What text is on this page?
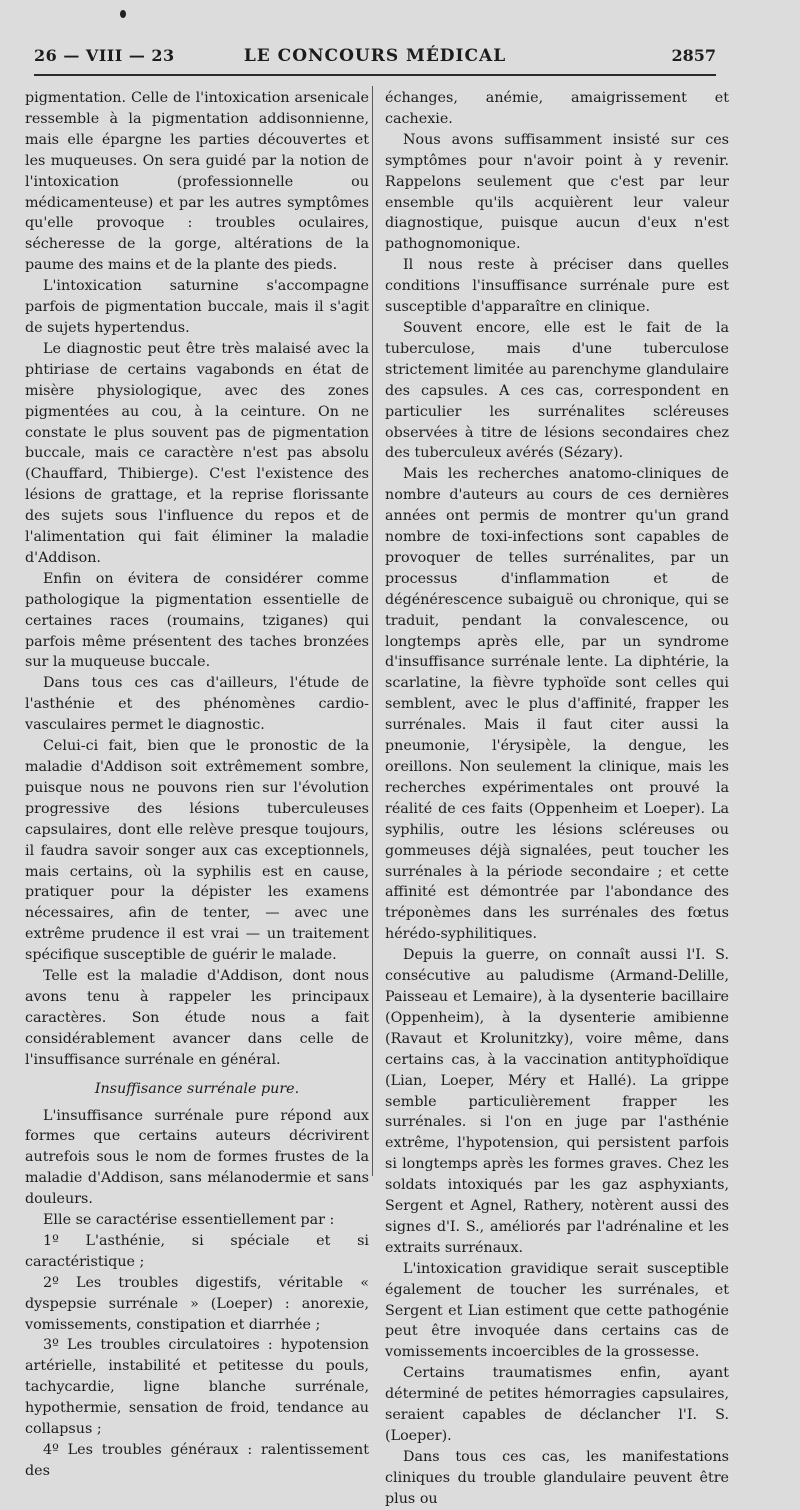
26 — VIII — 23	LE CONCOURS MÉDICAL	2857

pigmentation. Celle de l'intoxication arsenicale ressemble à la pigmentation addisonnienne, mais elle épargne les parties découvertes et les muqueuses. On sera guidé par la notion de l'intoxication (professionnelle ou médicamenteuse) et par les autres symptômes qu'elle provoque : troubles oculaires, sécheresse de la gorge, altérations de la paume des mains et de la plante des pieds.

L'intoxication saturnine s'accompagne parfois de pigmentation buccale, mais il s'agit de sujets hypertendus.

Le diagnostic peut être très malaisé avec la phtiriase de certains vagabonds en état de misère physiologique, avec des zones pigmentées au cou, à la ceinture. On ne constate le plus souvent pas de pigmentation buccale, mais ce caractère n'est pas absolu (Chauffard, Thibierge). C'est l'existence des lésions de grattage, et la reprise florissante des sujets sous l'influence du repos et de l'alimentation qui fait éliminer la maladie d'Addison.

Enfin on évitera de considérer comme pathologique la pigmentation essentielle de certaines races (roumains, tziganes) qui parfois même présentent des taches bronzées sur la muqueuse buccale.

Dans tous ces cas d'ailleurs, l'étude de l'asthénie et des phénomènes cardio-vasculaires permet le diagnostic.

Celui-ci fait, bien que le pronostic de la maladie d'Addison soit extrêmement sombre, puisque nous ne pouvons rien sur l'évolution progressive des lésions tuberculeuses capsulaires, dont elle relève presque toujours, il faudra savoir songer aux cas exceptionnels, mais certains, où la syphilis est en cause, pratiquer pour la dépister les examens nécessaires, afin de tenter, — avec une extrême prudence il est vrai — un traitement spécifique susceptible de guérir le malade.

Telle est la maladie d'Addison, dont nous avons tenu à rappeler les principaux caractères. Son étude nous a fait considérablement avancer dans celle de l'insuffisance surrénale en général.

Insuffisance surrénale pure.

L'insuffisance surrénale pure répond aux formes que certains auteurs décrivirent autrefois sous le nom de formes frustes de la maladie d'Addison, sans mélanodermie et sans douleurs.

Elle se caractérise essentiellement par :

1º L'asthénie, si spéciale et si caractéristique ;

2º Les troubles digestifs, véritable « dyspepsie surrénale » (Loeper) : anorexie, vomissements, constipation et diarrhée ;

3º Les troubles circulatoires : hypotension artérielle, instabilité et petitesse du pouls, tachycardie, ligne blanche surrénale, hypothermie, sensation de froid, tendance au collapsus ;

4º Les troubles généraux : ralentissement des

échanges, anémie, amaigrissement et cachexie.

Nous avons suffisamment insisté sur ces symptômes pour n'avoir point à y revenir. Rappelons seulement que c'est par leur ensemble qu'ils acquièrent leur valeur diagnostique, puisque aucun d'eux n'est pathognomonique.

Il nous reste à préciser dans quelles conditions l'insuffisance surrénale pure est susceptible d'apparaître en clinique.

Souvent encore, elle est le fait de la tuberculose, mais d'une tuberculose strictement limitée au parenchyme glandulaire des capsules. A ces cas, correspondent en particulier les surrénalites scléreuses observées à titre de lésions secondaires chez des tuberculeux avérés (Sézary).

Mais les recherches anatomo-cliniques de nombre d'auteurs au cours de ces dernières années ont permis de montrer qu'un grand nombre de toxi-infections sont capables de provoquer de telles surrénalites, par un processus d'inflammation et de dégénérescence subaiguë ou chronique, qui se traduit, pendant la convalescence, ou longtemps après elle, par un syndrome d'insuffisance surrénale lente. La diphtérie, la scarlatine, la fièvre typhoïde sont celles qui semblent, avec le plus d'affinité, frapper les surrénales. Mais il faut citer aussi la pneumonie, l'érysipèle, la dengue, les oreillons. Non seulement la clinique, mais les recherches expérimentales ont prouvé la réalité de ces faits (Oppenheim et Loeper). La syphilis, outre les lésions scléreuses ou gommeuses déjà signalées, peut toucher les surrénales à la période secondaire ; et cette affinité est démontrée par l'abondance des tréponèmes dans les surrénales des fœtus hérédo-syphilitiques.

Depuis la guerre, on connaît aussi l'I. S. consécutive au paludisme (Armand-Delille, Paisseau et Lemaire), à la dysenterie bacillaire (Oppenheim), à la dysenterie amibienne (Ravaut et Krolunitzky), voire même, dans certains cas, à la vaccination antityphoïdique (Lian, Loeper, Méry et Hallé). La grippe semble particulièrement frapper les surrénales. si l'on en juge par l'asthénie extrême, l'hypotension, qui persistent parfois si longtemps après les formes graves. Chez les soldats intoxiqués par les gaz asphyxiants, Sergent et Agnel, Rathery, notèrent aussi des signes d'I. S., améliorés par l'adrénaline et les extraits surrénaux.

L'intoxication gravidique serait susceptible également de toucher les surrénales, et Sergent et Lian estiment que cette pathogénie peut être invoquée dans certains cas de vomissements incoercibles de la grossesse.

Certains traumatismes enfin, ayant déterminé de petites hémorragies capsulaires, seraient capables de déclancher l'I. S. (Loeper).

Dans tous ces cas, les manifestations cliniques du trouble glandulaire peuvent être plus ou
